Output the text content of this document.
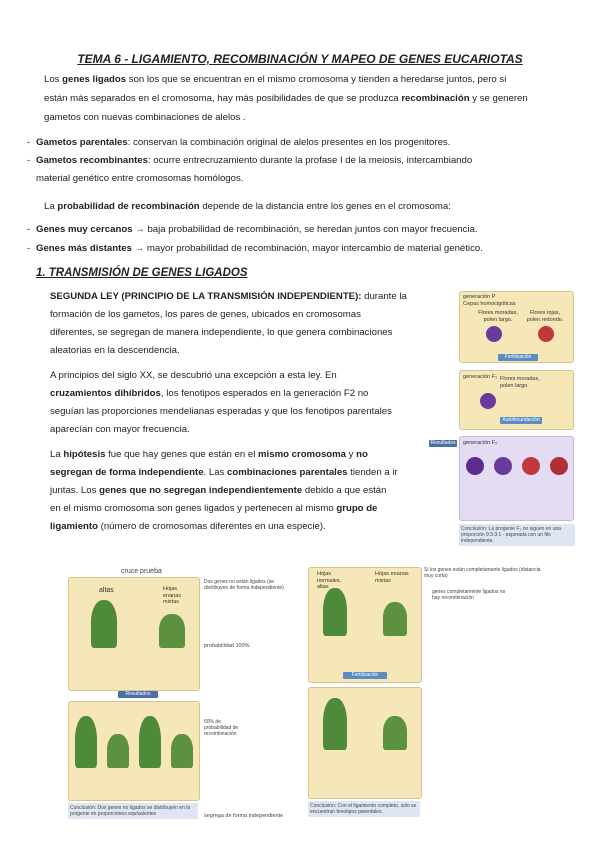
TEMA 6 - LIGAMIENTO, RECOMBINACIÓN Y MAPEO DE GENES EUCARIOTAS

Los genes ligados son los que se encuentran en el mismo cromosoma y tienden a heredarse juntos, pero si
están más separados en el cromosoma, hay más posibilidades de que se produzca recombinación y se generen
gametos con nuevas combinaciones de alelos .

- Gametos parentales: conservan la combinación original de alelos presentes en los progenitores.
- Gametos recombinantes: ocurre entrecruzamiento durante la profase I de la meiosis, intercambiando
material genético entre cromosomas homólogos.

La probabilidad de recombinación depende de la distancia entre los genes en el cromosoma:

- Genes muy cercanos → baja probabilidad de recombinación, se heredan juntos con mayor frecuencia.
- Genes más distantes → mayor probabilidad de recombinación, mayor intercambio de material genético.
1. TRANSMISIÓN DE GENES LIGADOS

SEGUNDA LEY (PRINCIPIO DE LA TRANSMISIÓN INDEPENDIENTE): durante la
formación de los gametos, los pares de genes, ubicados en cromosomas
diferentes, se segregan de manera independiente, lo que genera combinaciones
aleatorias en la descendencia.

A principios del siglo XX, se descubrió una excepción a esta ley. En
cruzamientos dihíbridos, los fenotipos esperados en la generación F2 no
seguían las proporciones mendelianas esperadas y que los fenotipos parentales
aparecían con mayor frecuencia.

La hipótesis fue que hay genes que están en el mismo cromosoma y no
segregan de forma independiente. Las combinaciones parentales tienden a ir
juntas. Los genes que no segregan independientemente debido a que están
en el mismo cromosoma son genes ligados y pertenecen al mismo grupo de
ligamiento (número de cromosomas diferentes en una especie).

generación P
Cepas homocigóticas
Flores moradas, polen largo.
Flores rojas, polen redondo.
Fertilización
generación F₁ Flores moradas, polen largo.
Autofecundación
Resultados generación F₂
Conclusión: La progenie F₂ no siguen en una proporción 9:3:3:1 - esperada con un filo independiente.
cruce prueba
altas	Hojas enanas mixtas
Dos genes no están ligados (se distribuyen de forma independiente)
probabilidad 100%
Resultados
50% de probabilidad de recombinación
Conclusión: Dos genes no ligados se distribuyen en la progenie en proporciones equivalentes	segrega de forma independiente
Hojas normales, altas
Hojas enanas mixtas
Fertilización
Si los genes están completamente ligados (distancia muy corta)
genes completamente ligados no hay recombinación
Conclusión: Con el ligamiento completo, solo se encuentran fenotipos parentales.
